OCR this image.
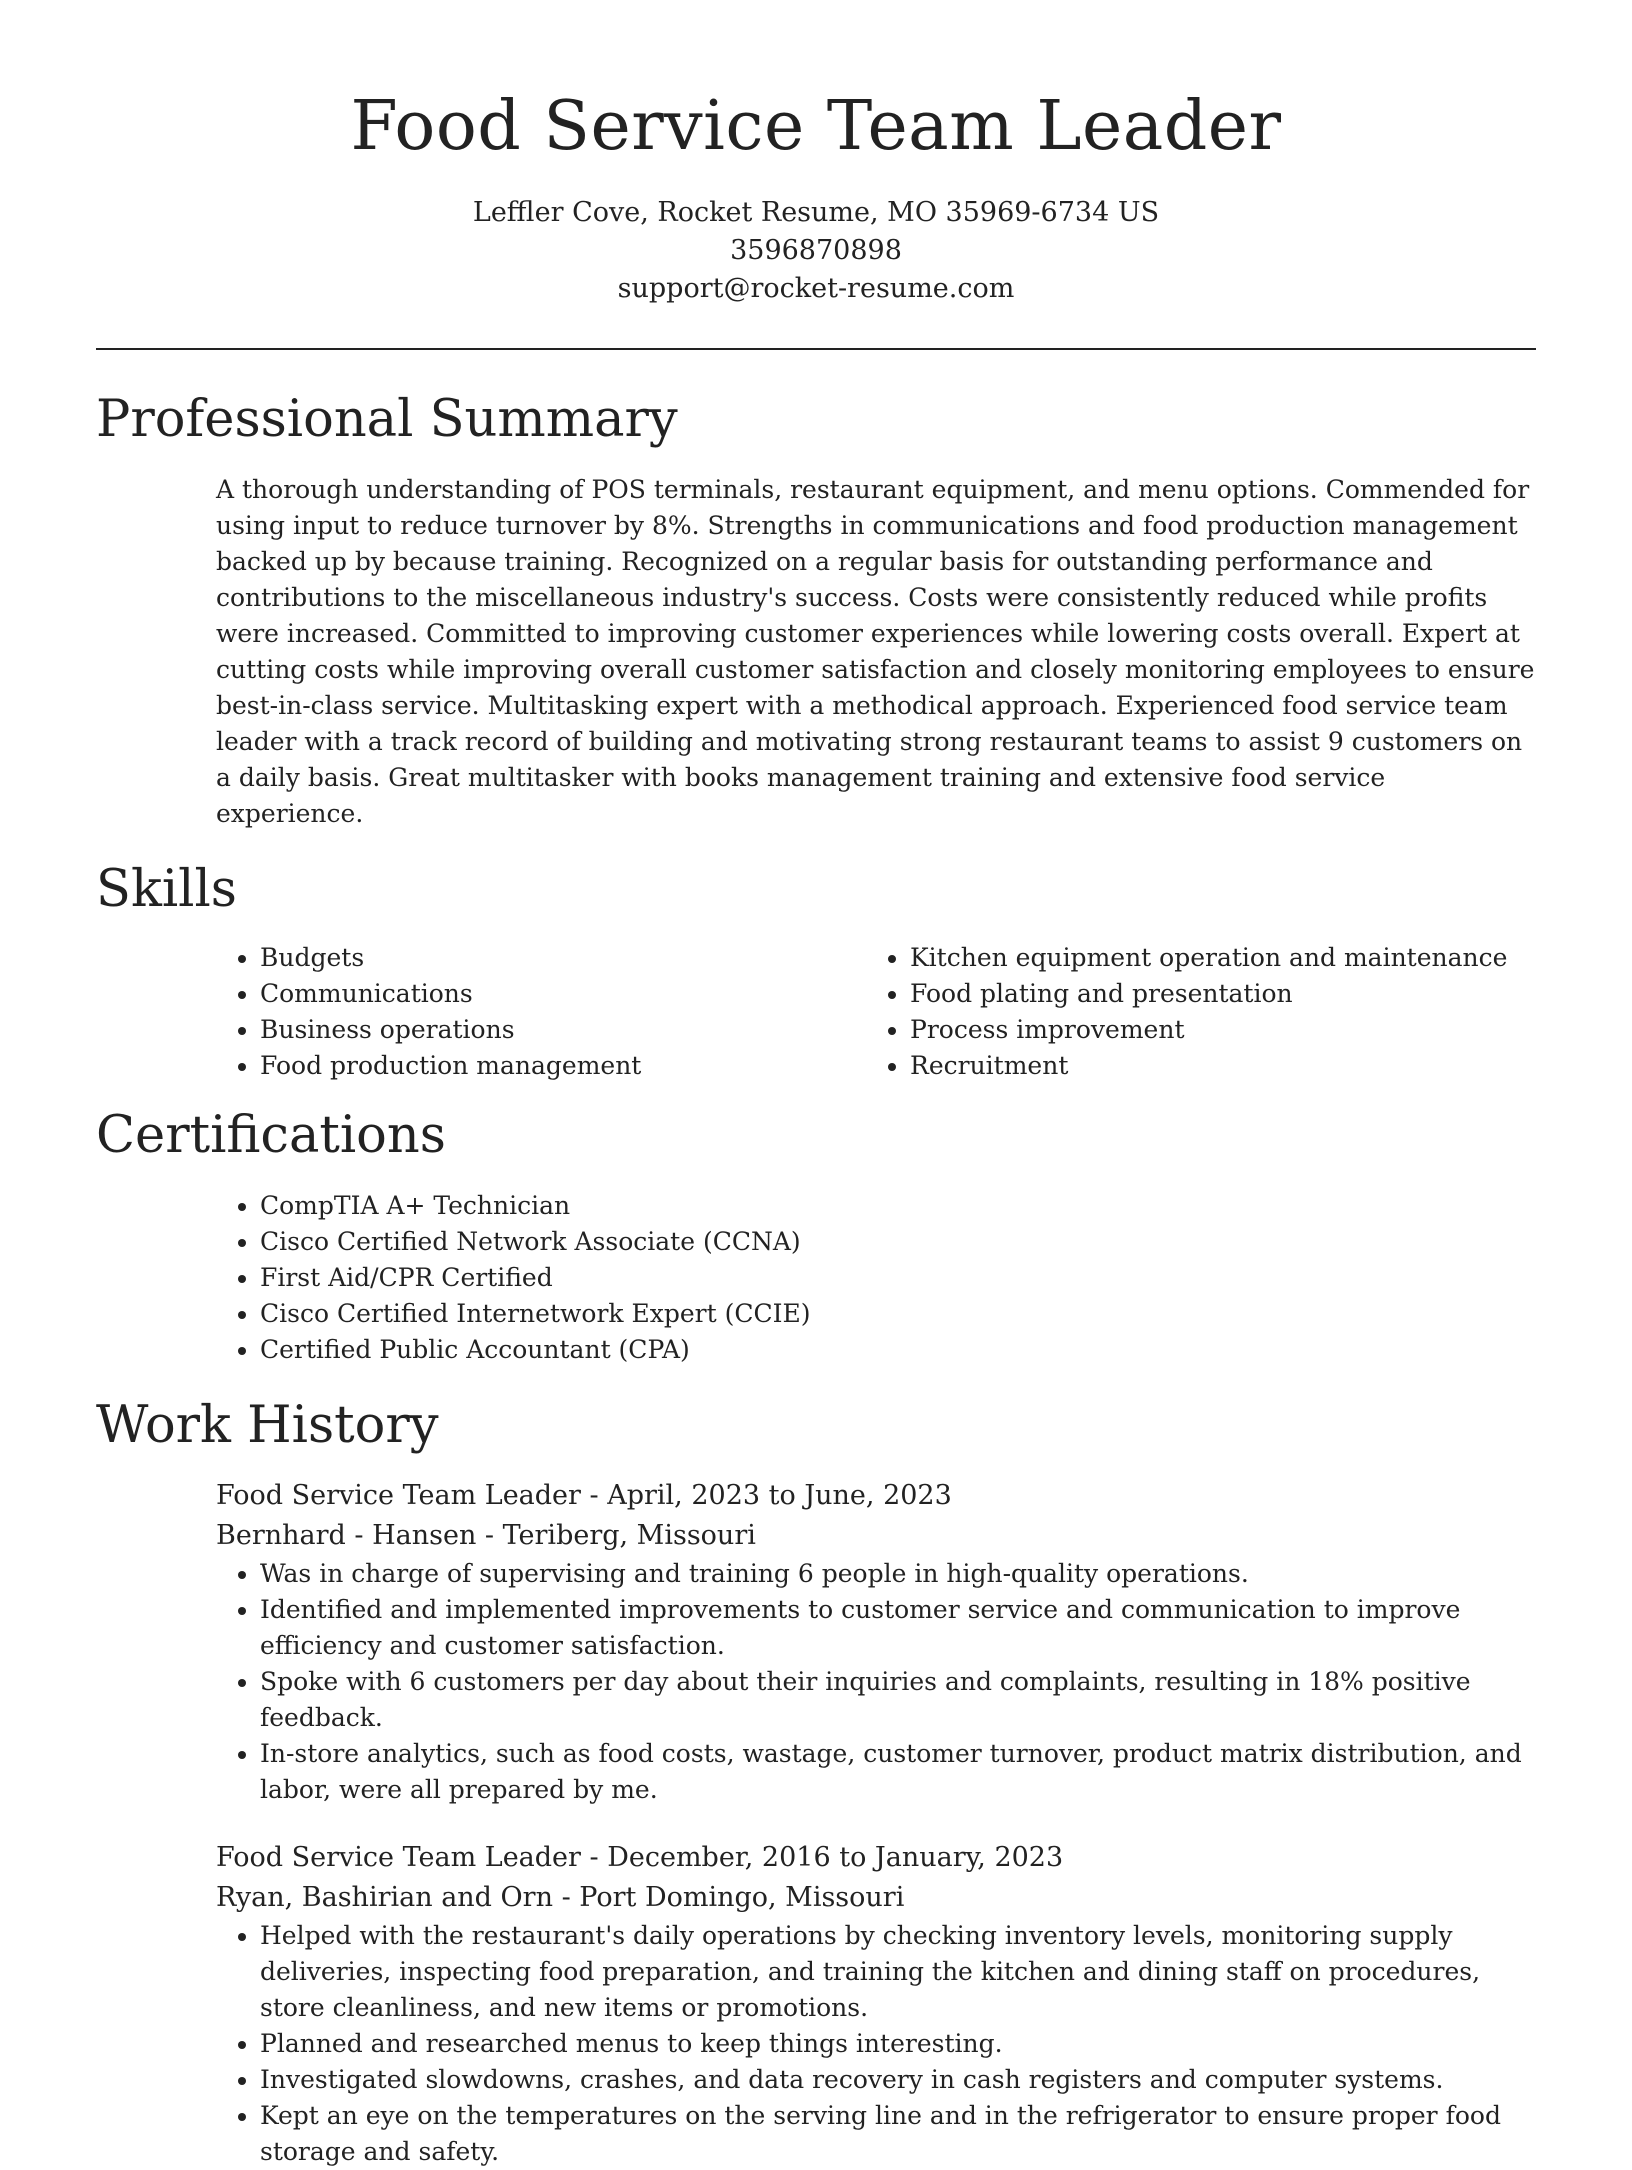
Food Service Team Leader
Leffler Cove, Rocket Resume, MO 35969-6734 US
3596870898
support@rocket-resume.com
Professional Summary

A thorough understanding of POS terminals, restaurant equipment, and menu options. Commended for using input to reduce turnover by 8%. Strengths in communications and food production management backed up by because training. Recognized on a regular basis for outstanding performance and contributions to the miscellaneous industry's success. Costs were consistently reduced while profits were increased. Committed to improving customer experiences while lowering costs overall. Expert at cutting costs while improving overall customer satisfaction and closely monitoring employees to ensure best-in-class service. Multitasking expert with a methodical approach. Experienced food service team leader with a track record of building and motivating strong restaurant teams to assist 9 customers on a daily basis. Great multitasker with books management training and extensive food service experience.

Skills
• Budgets
• Communications
• Business operations
• Food production management
• Kitchen equipment operation and maintenance
• Food plating and presentation
• Process improvement
• Recruitment
Certifications
• CompTIA A+ Technician
• Cisco Certified Network Associate (CCNA)
• First Aid/CPR Certified
• Cisco Certified Internetwork Expert (CCIE)
• Certified Public Accountant (CPA)
Work History
Food Service Team Leader - April, 2023 to June, 2023
Bernhard - Hansen - Teriberg, Missouri
• Was in charge of supervising and training 6 people in high-quality operations.
• Identified and implemented improvements to customer service and communication to improve efficiency and customer satisfaction.
• Spoke with 6 customers per day about their inquiries and complaints, resulting in 18% positive feedback.
• In-store analytics, such as food costs, wastage, customer turnover, product matrix distribution, and labor, were all prepared by me.
Food Service Team Leader - December, 2016 to January, 2023
Ryan, Bashirian and Orn - Port Domingo, Missouri
• Helped with the restaurant's daily operations by checking inventory levels, monitoring supply deliveries, inspecting food preparation, and training the kitchen and dining staff on procedures, store cleanliness, and new items or promotions.
• Planned and researched menus to keep things interesting.
• Investigated slowdowns, crashes, and data recovery in cash registers and computer systems.
• Kept an eye on the temperatures on the serving line and in the refrigerator to ensure proper food storage and safety.
